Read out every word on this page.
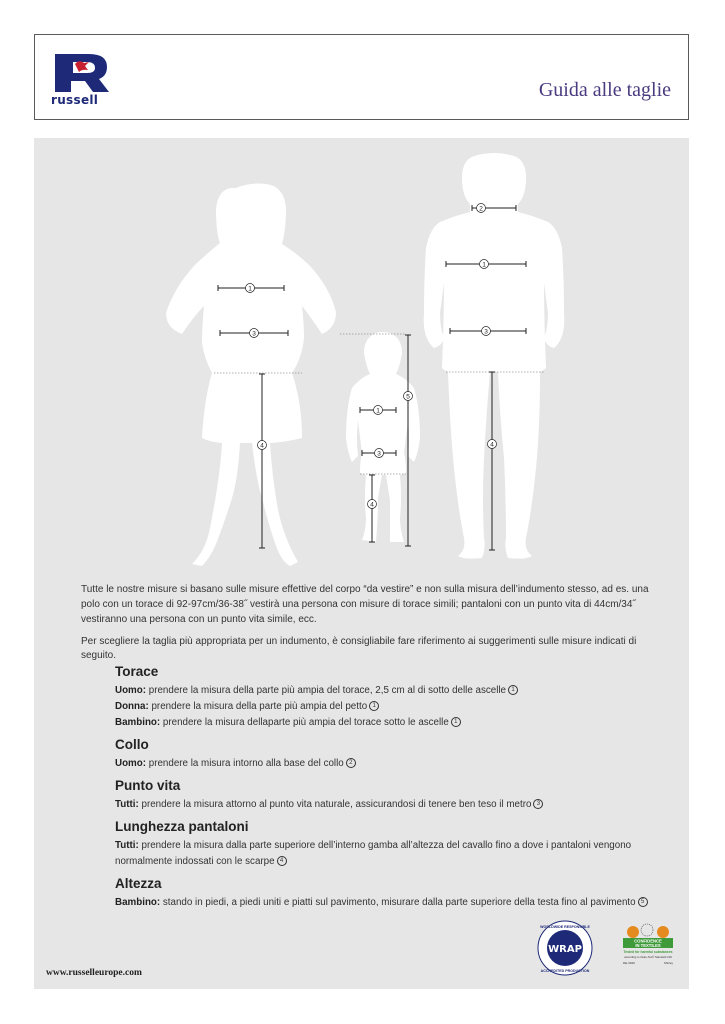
russell	Guida alle taglie
1
3
4
1
3
4
5
2
1
3
4
Tutte le nostre misure si basano sulle misure effettive del corpo “da vestire” e non sulla misura dell’indumento stesso, ad es. una polo con un torace di 92-97cm/36-38˝ vestirà una persona con misure di torace simili; pantaloni con un punto vita di 44cm/34˝ vestiranno una persona con un punto vita simile, ecc.
Per scegliere la taglia più appropriata per un indumento, è consigliabile fare riferimento ai suggerimenti sulle misure indicati di seguito.
Torace
Uomo: prendere la misura della parte più ampia del torace, 2,5 cm al di sotto delle ascelle 1
Donna: prendere la misura della parte più ampia del petto 1
Bambino: prendere la misura dellaparte più ampia del torace sotto le ascelle 1
Collo
Uomo: prendere la misura intorno alla base del collo 2
Punto vita
Tutti: prendere la misura attorno al punto vita naturale, assicurandosi di tenere ben teso il metro 3
Lunghezza pantaloni
Tutti: prendere la misura dalla parte superiore dell’interno gamba all’altezza del cavallo fino a dove i pantaloni vengono normalmente indossati con le scarpe 4
Altezza
Bambino: stando in piedi, a piedi uniti e piatti sul pavimento, misurare dalla parte superiore della testa fino al pavimento 5
www.russelleurope.com
WRAP
WORLDWIDE RESPONSIBLE
ACCREDITED PRODUCTION
CONFIDENCE
IN TEXTILES
Tested for harmful substances
according to Oeko-Tex® Standard 100
DE-3940	Shirley
